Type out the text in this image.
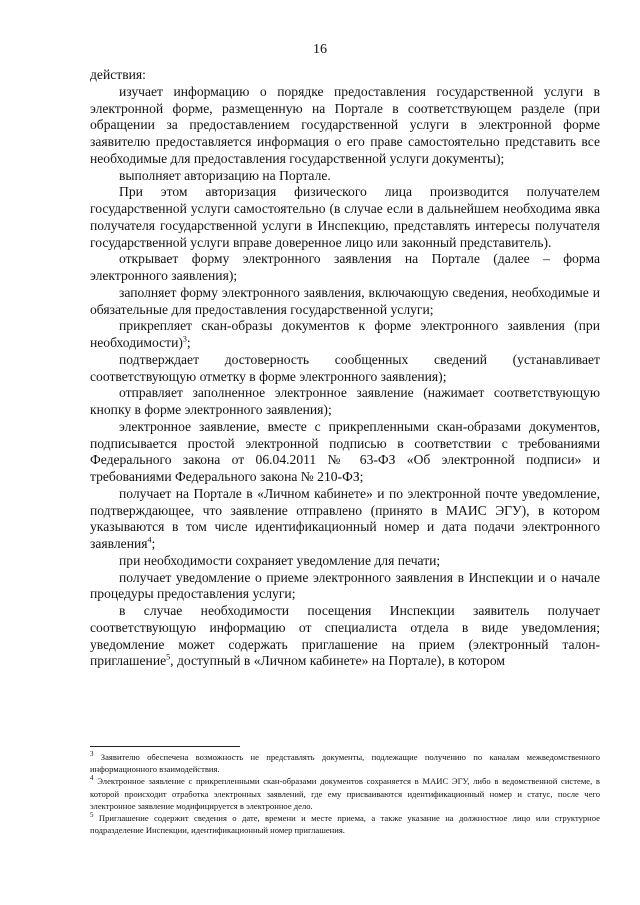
16

действия:

изучает информацию о порядке предоставления государственной услуги в электронной форме, размещенную на Портале в соответствующем разделе (при обращении за предоставлением государственной услуги в электронной форме заявителю предоставляется информация о его праве самостоятельно представить все необходимые для предоставления государственной услуги документы);

выполняет авторизацию на Портале.

При этом авторизация физического лица производится получателем государственной услуги самостоятельно (в случае если в дальнейшем необходима явка получателя государственной услуги в Инспекцию, представлять интересы получателя государственной услуги вправе доверенное лицо или законный представитель).

открывает форму электронного заявления на Портале (далее – форма электронного заявления);

заполняет форму электронного заявления, включающую сведения, необходимые и обязательные для предоставления государственной услуги;

прикрепляет скан-образы документов к форме электронного заявления (при необходимости)$^3$;

подтверждает достоверность сообщенных сведений (устанавливает соответствующую отметку в форме электронного заявления);

отправляет заполненное электронное заявление (нажимает соответствующую кнопку в форме электронного заявления);

электронное заявление, вместе с прикрепленными скан-образами документов, подписывается простой электронной подписью в соответствии с требованиями Федерального закона от 06.04.2011 № 63-ФЗ «Об электронной подписи» и требованиями Федерального закона № 210-ФЗ;

получает на Портале в «Личном кабинете» и по электронной почте уведомление, подтверждающее, что заявление отправлено (принято в МАИС ЭГУ), в котором указываются в том числе идентификационный номер и дата подачи электронного заявления$^4$;

при необходимости сохраняет уведомление для печати;

получает уведомление о приеме электронного заявления в Инспекции и о начале процедуры предоставления услуги;

в случае необходимости посещения Инспекции заявитель получает соответствующую информацию от специалиста отдела в виде уведомления; уведомление может содержать приглашение на прием (электронный талон-приглашение$^5$, доступный в «Личном кабинете» на Портале), в котором

$^3$ Заявителю обеспечена возможность не представлять документы, подлежащие получению по каналам межведомственного информационного взаимодействия.

$^4$ Электронное заявление с прикрепленными скан-образами документов сохраняется в МАИС ЭГУ, либо в ведомственной системе, в которой происходит отработка электронных заявлений, где ему присваиваются идентификационный номер и статус, после чего электронное заявление модифицируется в электронное дело.

$^5$ Приглашение содержит сведения о дате, времени и месте приема, а также указание на должностное лицо или структурное подразделение Инспекции, идентификационный номер приглашения.
